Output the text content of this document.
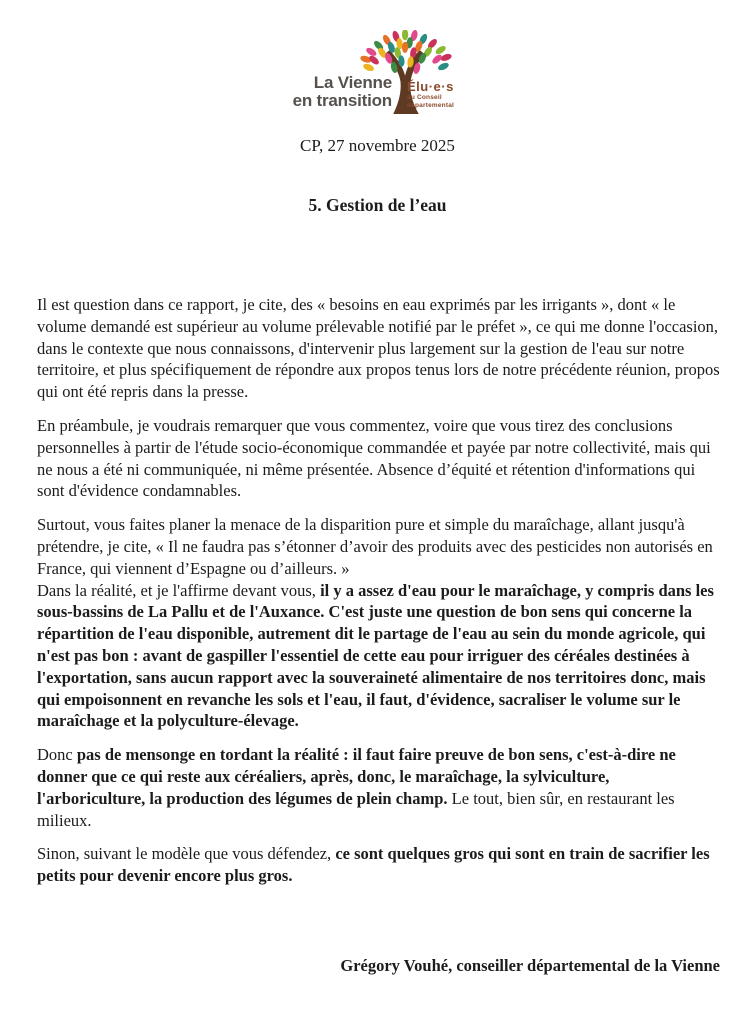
La Vienne
en transition
Élu·e·s
au Conseil
départemental
CP, 27 novembre 2025
5. Gestion de l’eau

Il est question dans ce rapport, je cite, des « besoins en eau exprimés par les irrigants », dont « le volume demandé est supérieur au volume prélevable notifié par le préfet », ce qui me donne l'occasion, dans le contexte que nous connaissons, d'intervenir plus largement sur la gestion de l'eau sur notre territoire, et plus spécifiquement de répondre aux propos tenus lors de notre précédente réunion, propos qui ont été repris dans la presse.

En préambule, je voudrais remarquer que vous commentez, voire que vous tirez des conclusions personnelles à partir de l'étude socio-économique commandée et payée par notre collectivité, mais qui ne nous a été ni communiquée, ni même présentée. Absence d’équité et rétention d'informations qui sont d'évidence condamnables.

Surtout, vous faites planer la menace de la disparition pure et simple du maraîchage, allant jusqu'à prétendre, je cite, « Il ne faudra pas s’étonner d’avoir des produits avec des pesticides non autorisés en France, qui viennent d’Espagne ou d’ailleurs. »

Dans la réalité, et je l'affirme devant vous, il y a assez d'eau pour le maraîchage, y compris dans les sous-bassins de La Pallu et de l'Auxance. C'est juste une question de bon sens qui concerne la répartition de l'eau disponible, autrement dit le partage de l'eau au sein du monde agricole, qui n'est pas bon : avant de gaspiller l'essentiel de cette eau pour irriguer des céréales destinées à l'exportation, sans aucun rapport avec la souveraineté alimentaire de nos territoires donc, mais qui empoisonnent en revanche les sols et l'eau, il faut, d'évidence, sacraliser le volume sur le maraîchage et la polyculture-élevage.

Donc pas de mensonge en tordant la réalité : il faut faire preuve de bon sens, c'est-à-dire ne donner que ce qui reste aux céréaliers, après, donc, le maraîchage, la sylviculture, l'arboriculture, la production des légumes de plein champ. Le tout, bien sûr, en restaurant les milieux.

Sinon, suivant le modèle que vous défendez, ce sont quelques gros qui sont en train de sacrifier les petits pour devenir encore plus gros.

Grégory Vouhé, conseiller départemental de la Vienne
